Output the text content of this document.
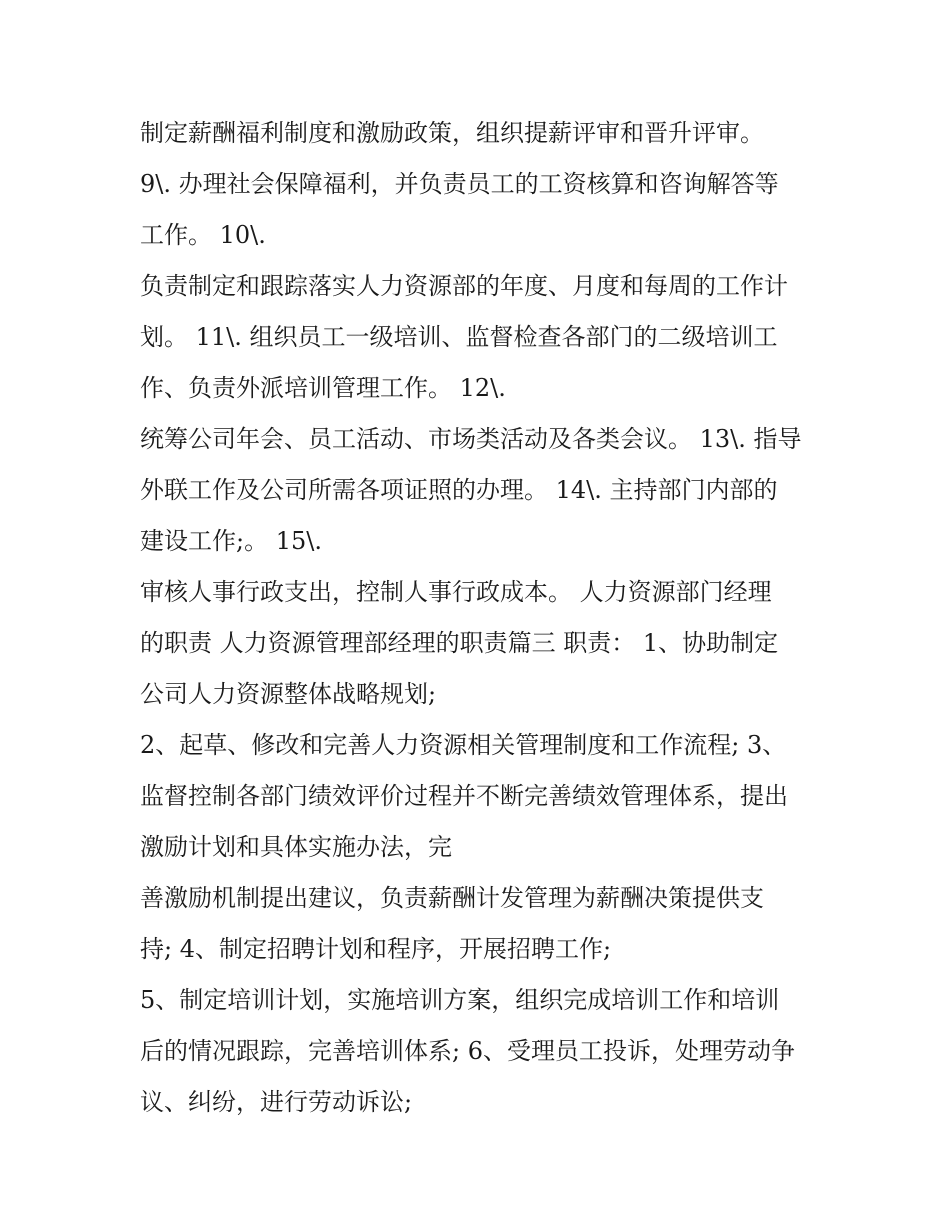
制定薪酬福利制度和激励政策，组织提薪评审和晋升评审。
9\. 办理社会保障福利，并负责员工的工资核算和咨询解答等
工作。 10\.
负责制定和跟踪落实人力资源部的年度、月度和每周的工作计
划。 11\. 组织员工一级培训、监督检查各部门的二级培训工
作、负责外派培训管理工作。 12\.
统筹公司年会、员工活动、市场类活动及各类会议。 13\. 指导
外联工作及公司所需各项证照的办理。 14\. 主持部门内部的
建设工作;。 15\.
审核人事行政支出，控制人事行政成本。 人力资源部门经理
的职责 人力资源管理部经理的职责篇三 职责： 1、协助制定
公司人力资源整体战略规划;
2、起草、修改和完善人力资源相关管理制度和工作流程; 3、
监督控制各部门绩效评价过程并不断完善绩效管理体系，提出
激励计划和具体实施办法，完
善激励机制提出建议，负责薪酬计发管理为薪酬决策提供支
持; 4、制定招聘计划和程序，开展招聘工作;
5、制定培训计划，实施培训方案，组织完成培训工作和培训
后的情况跟踪，完善培训体系; 6、受理员工投诉，处理劳动争
议、纠纷，进行劳动诉讼;
